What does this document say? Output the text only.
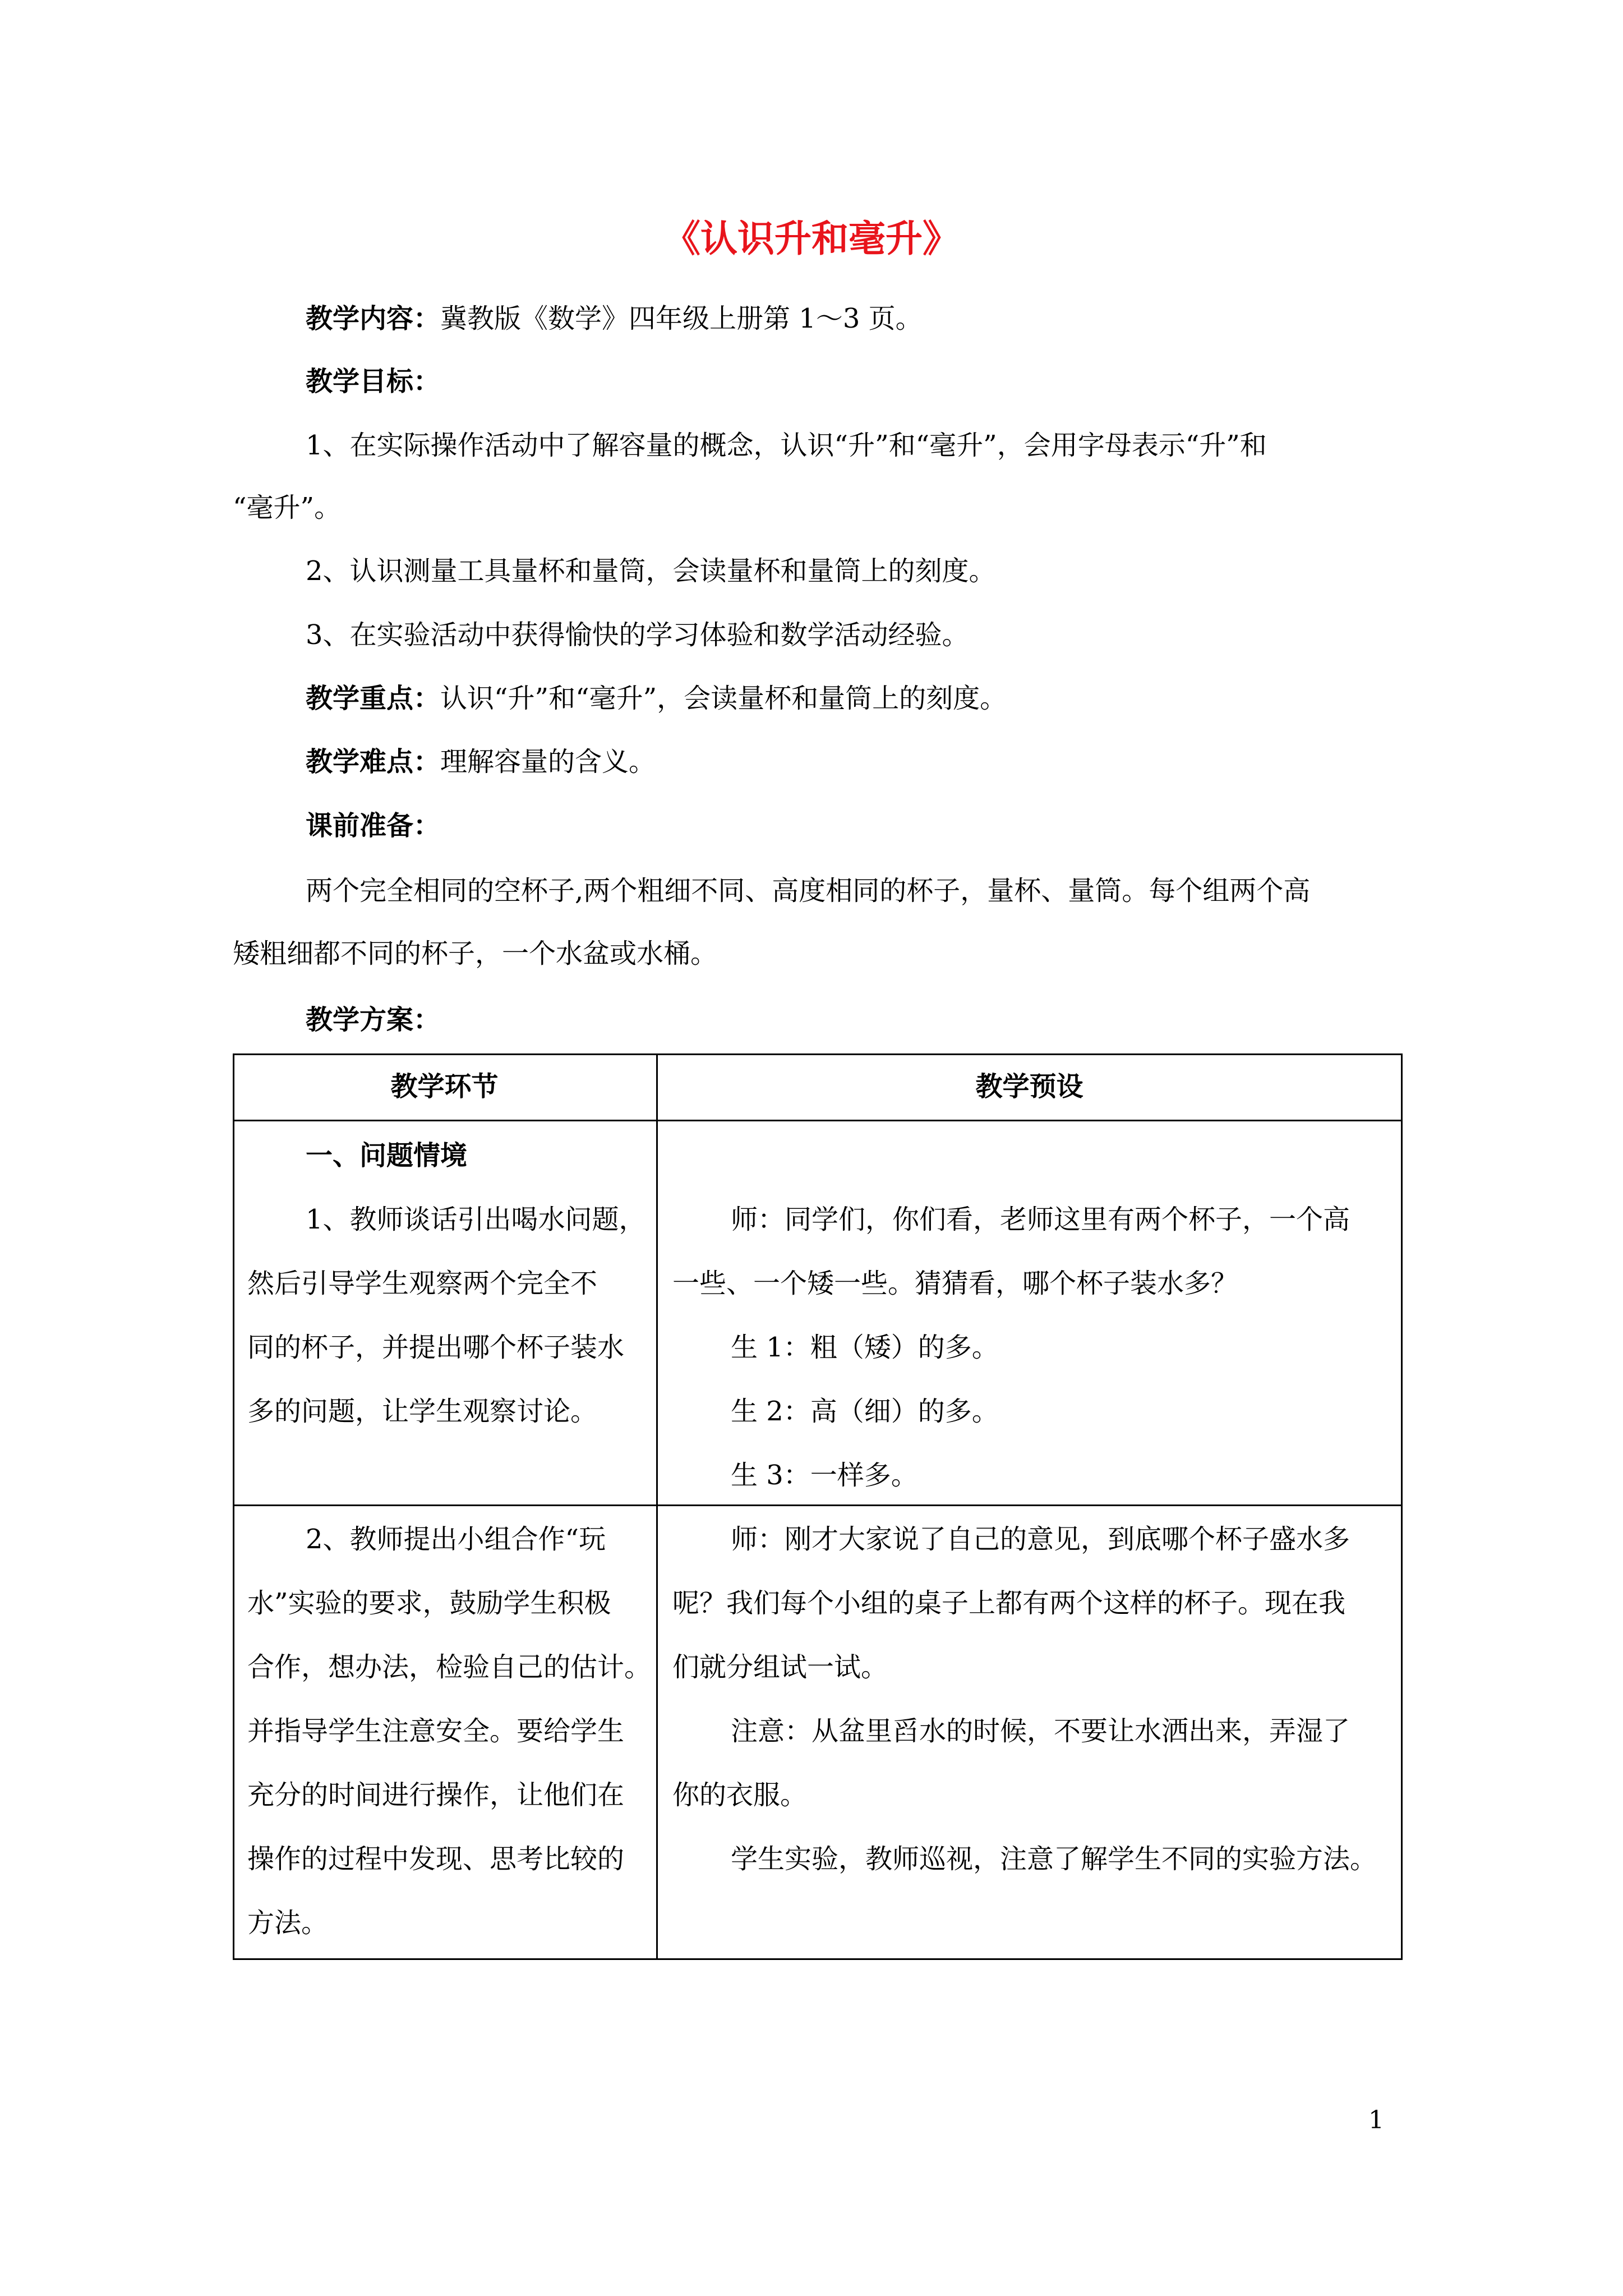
《认识升和毫升》
教学内容：冀教版《数学》四年级上册第 1～3 页。
教学目标：
1、在实际操作活动中了解容量的概念，认识“升”和“毫升”，会用字母表示“升”和
“毫升”。
2、认识测量工具量杯和量筒，会读量杯和量筒上的刻度。
3、在实验活动中获得愉快的学习体验和数学活动经验。
教学重点：认识“升”和“毫升”，会读量杯和量筒上的刻度。
教学难点：理解容量的含义。
课前准备：
两个完全相同的空杯子,两个粗细不同、高度相同的杯子，量杯、量筒。每个组两个高
矮粗细都不同的杯子，一个水盆或水桶。
教学方案：
教学环节	教学预设
一、问题情境
1、教师谈话引出喝水问题，
然后引导学生观察两个完全不
同的杯子，并提出哪个杯子装水
多的问题，让学生观察讨论。
师：同学们，你们看，老师这里有两个杯子，一个高
一些、一个矮一些。猜猜看，哪个杯子装水多？
生 1：粗（矮）的多。
生 2：高（细）的多。
生 3：一样多。
2、教师提出小组合作“玩
水”实验的要求，鼓励学生积极
合作，想办法，检验自己的估计。
并指导学生注意安全。要给学生
充分的时间进行操作，让他们在
操作的过程中发现、思考比较的
方法。
师：刚才大家说了自己的意见，到底哪个杯子盛水多
呢？我们每个小组的桌子上都有两个这样的杯子。现在我
们就分组试一试。
注意：从盆里舀水的时候，不要让水洒出来，弄湿了
你的衣服。
学生实验，教师巡视，注意了解学生不同的实验方法。
1
